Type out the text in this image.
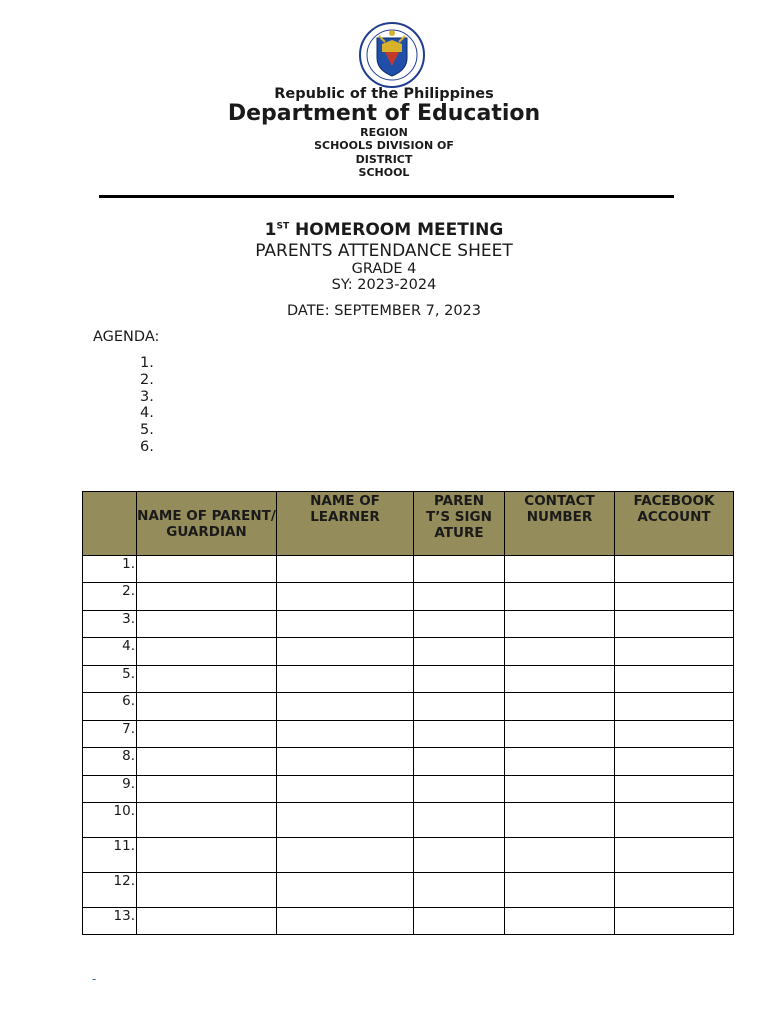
Republic of the Philippines
Department of Education
REGION
SCHOOLS DIVISION OF
DISTRICT
SCHOOL
1ST HOMEROOM MEETING
PARENTS ATTENDANCE SHEET
GRADE 4
SY: 2023-2024
DATE: SEPTEMBER 7, 2023
AGENDA:
1.
2.
3.
4.
5.
6.
	NAME OF PARENT/ GUARDIAN	NAME OF LEARNER	PARENT’S SIGNATURE	CONTACT NUMBER	FACEBOOK ACCOUNT
1.					
2.					
3.					
4.					
5.					
6.					
7.					
8.					
9.					
10.					
11.					
12.					
13.					
-
